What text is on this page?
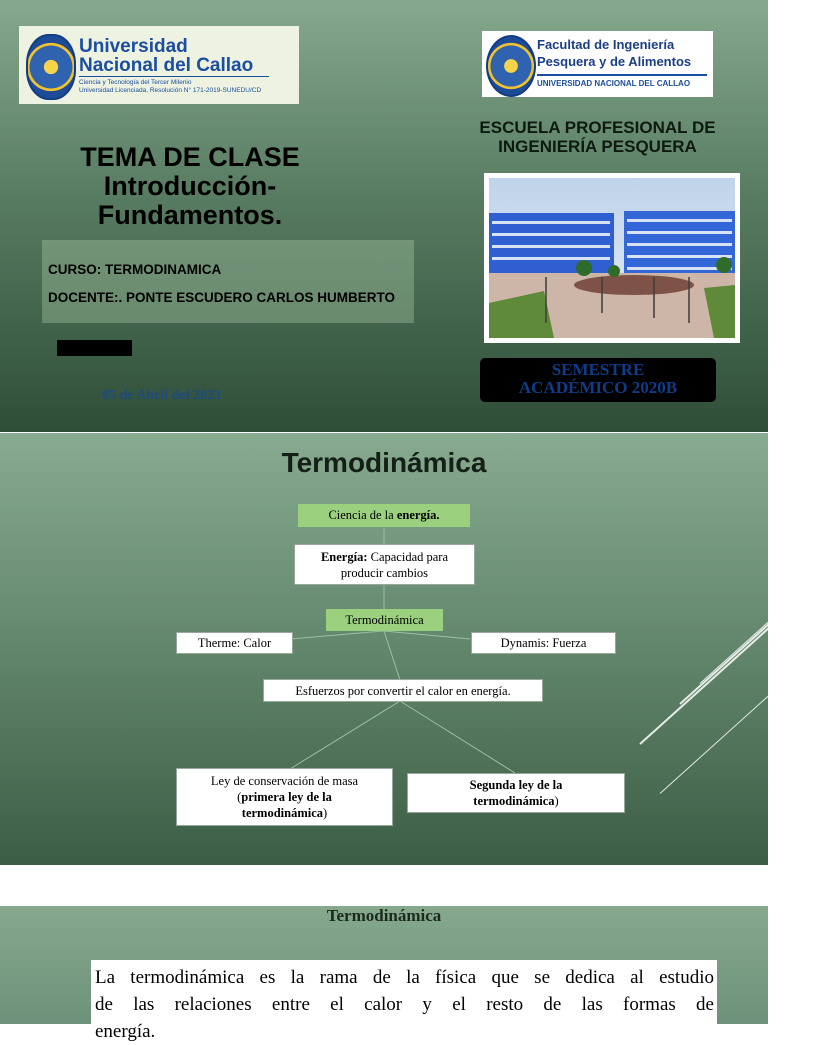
Universidad
Nacional del Callao
Ciencia y Tecnología del Tercer Milenio
Universidad Licenciada, Resolución N° 171-2019-SUNEDU/CD
Facultad de Ingeniería
Pesquera y de Alimentos
UNIVERSIDAD NACIONAL DEL CALLAO
TEMA DE CLASE
Introducción-
Fundamentos.
ESCUELA PROFESIONAL DE
INGENIERÍA PESQUERA
CURSO: TERMODINAMICA
DOCENTE:. PONTE ESCUDERO CARLOS HUMBERTO
05 de Abril del 2023
SEMESTRE
ACADÉMICO 2020B
Termodinámica
Ciencia de la energía.
Energía: Capacidad para
producir cambios
Termodinámica
Therme: Calor	Dynamis: Fuerza
Esfuerzos por convertir el calor en energía.
Ley de conservación de masa
(primera ley de la
termodinámica)
Segunda ley de la
termodinámica)
Termodinámica
La termodinámica es la rama de la física que se dedica al estudio
de las relaciones entre el calor y el resto de las formas de
energía.
